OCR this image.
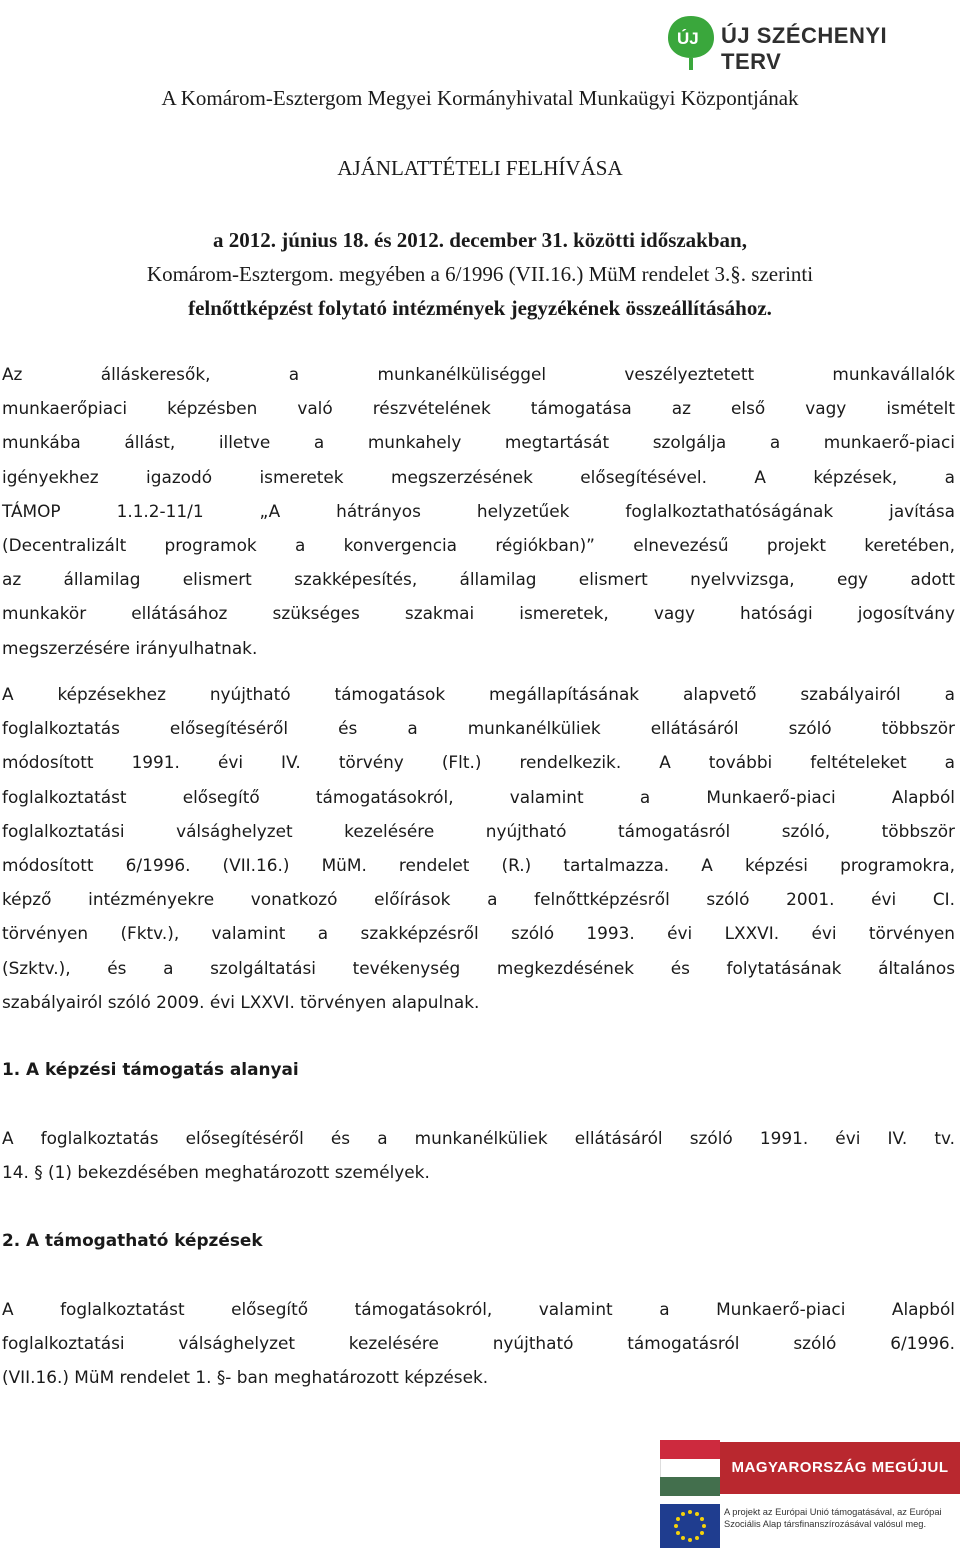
ÚJ ÚJ SZÉCHENYI TERV
A Komárom-Esztergom Megyei Kormányhivatal Munkaügyi Központjának
AJÁNLATTÉTELI FELHÍVÁSA
a 2012. június 18. és 2012. december 31. közötti időszakban,
Komárom-Esztergom. megyében a 6/1996 (VII.16.) MüM rendelet 3.§. szerinti
felnőttképzést folytató intézmények jegyzékének összeállításához.

Az álláskeresők, a munkanélküliséggel veszélyeztetett munkavállalók

munkaerőpiaci képzésben való részvételének támogatása az első vagy ismételt

munkába állást, illetve a munkahely megtartását szolgálja a munkaerő-piaci

igényekhez igazodó ismeretek megszerzésének elősegítésével. A képzések, a

TÁMOP 1.1.2-11/1 „A hátrányos helyzetűek foglalkoztathatóságának javítása

(Decentralizált programok a konvergencia régiókban)” elnevezésű projekt keretében,

az államilag elismert szakképesítés, államilag elismert nyelvvizsga, egy adott

munkakör ellátásához szükséges szakmai ismeretek, vagy hatósági jogosítvány

megszerzésére irányulhatnak.

A képzésekhez nyújtható támogatások megállapításának alapvető szabályairól a

foglalkoztatás elősegítéséről és a munkanélküliek ellátásáról szóló többször

módosított 1991. évi IV. törvény (Flt.) rendelkezik. A további feltételeket a

foglalkoztatást elősegítő támogatásokról, valamint a Munkaerő-piaci Alapból

foglalkoztatási válsághelyzet kezelésére nyújtható támogatásról szóló, többször

módosított 6/1996. (VII.16.) MüM. rendelet (R.) tartalmazza. A képzési programokra,

képző intézményekre vonatkozó előírások a felnőttképzésről szóló 2001. évi CI.

törvényen (Fktv.), valamint a szakképzésről szóló 1993. évi LXXVI. évi törvényen

(Szktv.), és a szolgáltatási tevékenység megkezdésének és folytatásának általános

szabályairól szóló 2009. évi LXXVI. törvényen alapulnak.

1. A képzési támogatás alanyai

A foglalkoztatás elősegítéséről és a munkanélküliek ellátásáról szóló 1991. évi IV. tv.

14. § (1) bekezdésében meghatározott személyek.

2. A támogatható képzések

A foglalkoztatást elősegítő támogatásokról, valamint a Munkaerő-piaci Alapból

foglalkoztatási válsághelyzet kezelésére nyújtható támogatásról szóló 6/1996.

(VII.16.) MüM rendelet 1. §- ban meghatározott képzések.

MAGYARORSZÁG MEGÚJUL
A projekt az Európai Unió támogatásával, az Európai Szociális Alap társfinanszírozásával valósul meg.
